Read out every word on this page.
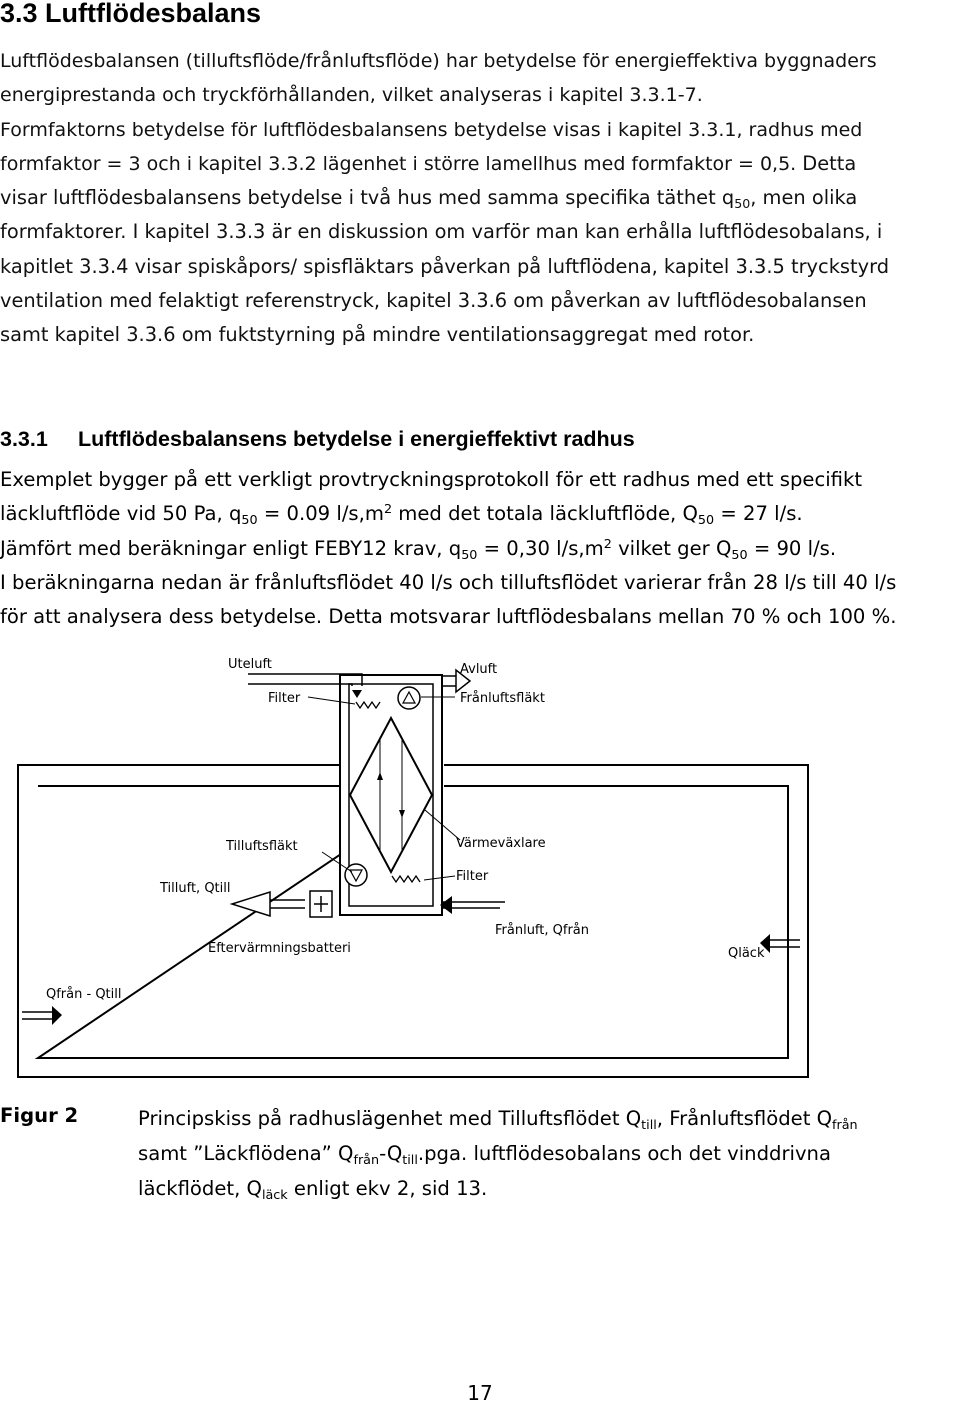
3.3 Luftflödesbalans
Luftflödesbalansen (tilluftsflöde/frånluftsflöde) har betydelse för energieffektiva byggnaders
energiprestanda och tryckförhållanden, vilket analyseras i kapitel 3.3.1-7.
Formfaktorns betydelse för luftflödesbalansens betydelse visas i kapitel 3.3.1, radhus med
formfaktor = 3 och i kapitel 3.3.2 lägenhet i större lamellhus med formfaktor = 0,5. Detta
visar luftflödesbalansens betydelse i två hus med samma specifika täthet $q_{50}$, men olika
formfaktorer. I kapitel 3.3.3 är en diskussion om varför man kan erhålla luftflödesobalans, i
kapitlet 3.3.4 visar spiskåpors/ spisfläktars påverkan på luftflödena, kapitel 3.3.5 tryckstyrd
ventilation med felaktigt referenstryck, kapitel 3.3.6 om påverkan av luftflödesobalansen
samt kapitel 3.3.6 om fuktstyrning på mindre ventilationsaggregat med rotor.
3.3.1 Luftflödesbalansens betydelse i energieffektivt radhus
Exemplet bygger på ett verkligt provtryckningsprotokoll för ett radhus med ett specifikt
läckluftflöde vid 50 Pa, $q_{50} = 0.09$ $l/s,m^2$ med det totala läckluftflöde, $Q_{50} = 27$ l/s.
Jämfört med beräkningar enligt FEBY12 krav, $q_{50} = 0,30$ $l/s,m^2$ vilket ger $Q_{50} = 90$ l/s.
I beräkningarna nedan är frånluftsflödet 40 l/s och tilluftsflödet varierar från 28 l/s till 40 l/s
för att analysera dess betydelse. Detta motsvarar luftflödesbalans mellan 70 % och 100 %.
Uteluft
Filter
Avluft
Frånluftsfläkt
Värmeväxlare
Tilluftsfläkt
Tilluft, Qtill
Filter
Frånluft, Qfrån
Eftervärmningsbatteri	Qläck
Qfrån - Qtill
Figur 2	Principskiss på radhuslägenhet med Tilluftsflödet $Q_{till}$, Frånluftsflödet $Q_{från}$
samt ”Läckflödena” $Q_{från}-Q_{till}.pga$. luftflödesobalans och det vinddrivna
läckflödet, $Q_{läck}$ enligt ekv 2, sid 13.
17
